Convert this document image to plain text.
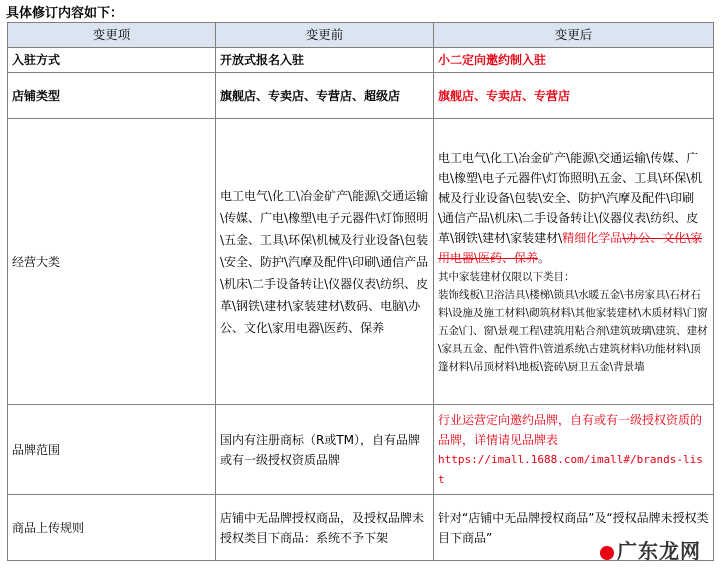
具体修订内容如下：
变更项	变更前	变更后
入驻方式	开放式报名入驻	小二定向邀约制入驻
店铺类型	旗舰店、专卖店、专营店、超级店	旗舰店、专卖店、专营店
经营大类	电工电气\化工\冶金矿产\能源\交通运输\传媒、广电\橡塑\电子元器件\灯饰照明\五金、工具\环保\机械及行业设备\包装\安全、防护\汽摩及配件\印刷\通信产品\机床\二手设备转让\仪器仪表\纺织、皮革\钢铁\建材\家装建材\数码、电脑\办公、文化\家用电器\医药、保养	电工电气\化工\冶金矿产\能源\交通运输\传媒、广电\橡塑\电子元器件\灯饰照明\五金、工具\环保\机械及行业设备\包装\安全、防护\汽摩及配件\印刷\通信产品\机床\二手设备转让\仪器仪表\纺织、皮革\钢铁\建材\家装建材\精细化学品\办公、文化\家用电器\医药、保养。
其中家装建材仅限以下类目：
装饰线板\卫浴洁具\楼梯\锁具\水暖五金\书房家具\石材石料\设施及施工材料\砌筑材料\其他家装建材\木质材料\门窗五金\门、窗\景观工程\建筑用粘合剂\建筑玻璃\建筑、建材\家具五金、配件\管件\管道系统\古建筑材料\功能材料\顶篷材料\吊顶材料\地板\瓷砖\厨卫五金\背景墙

品牌范围	国内有注册商标（R或TM），自有品牌或有一级授权资质品牌	行业运营定向邀约品牌，自有或有一级授权资质的品牌，详情请见品牌表
https://imall.1688.com/imall#/brands-list

商品上传规则	店铺中无品牌授权商品，及授权品牌未授权类目下商品：系统不予下架	针对“店铺中无品牌授权商品”及“授权品牌未授权类目下商品”
广东龙网
